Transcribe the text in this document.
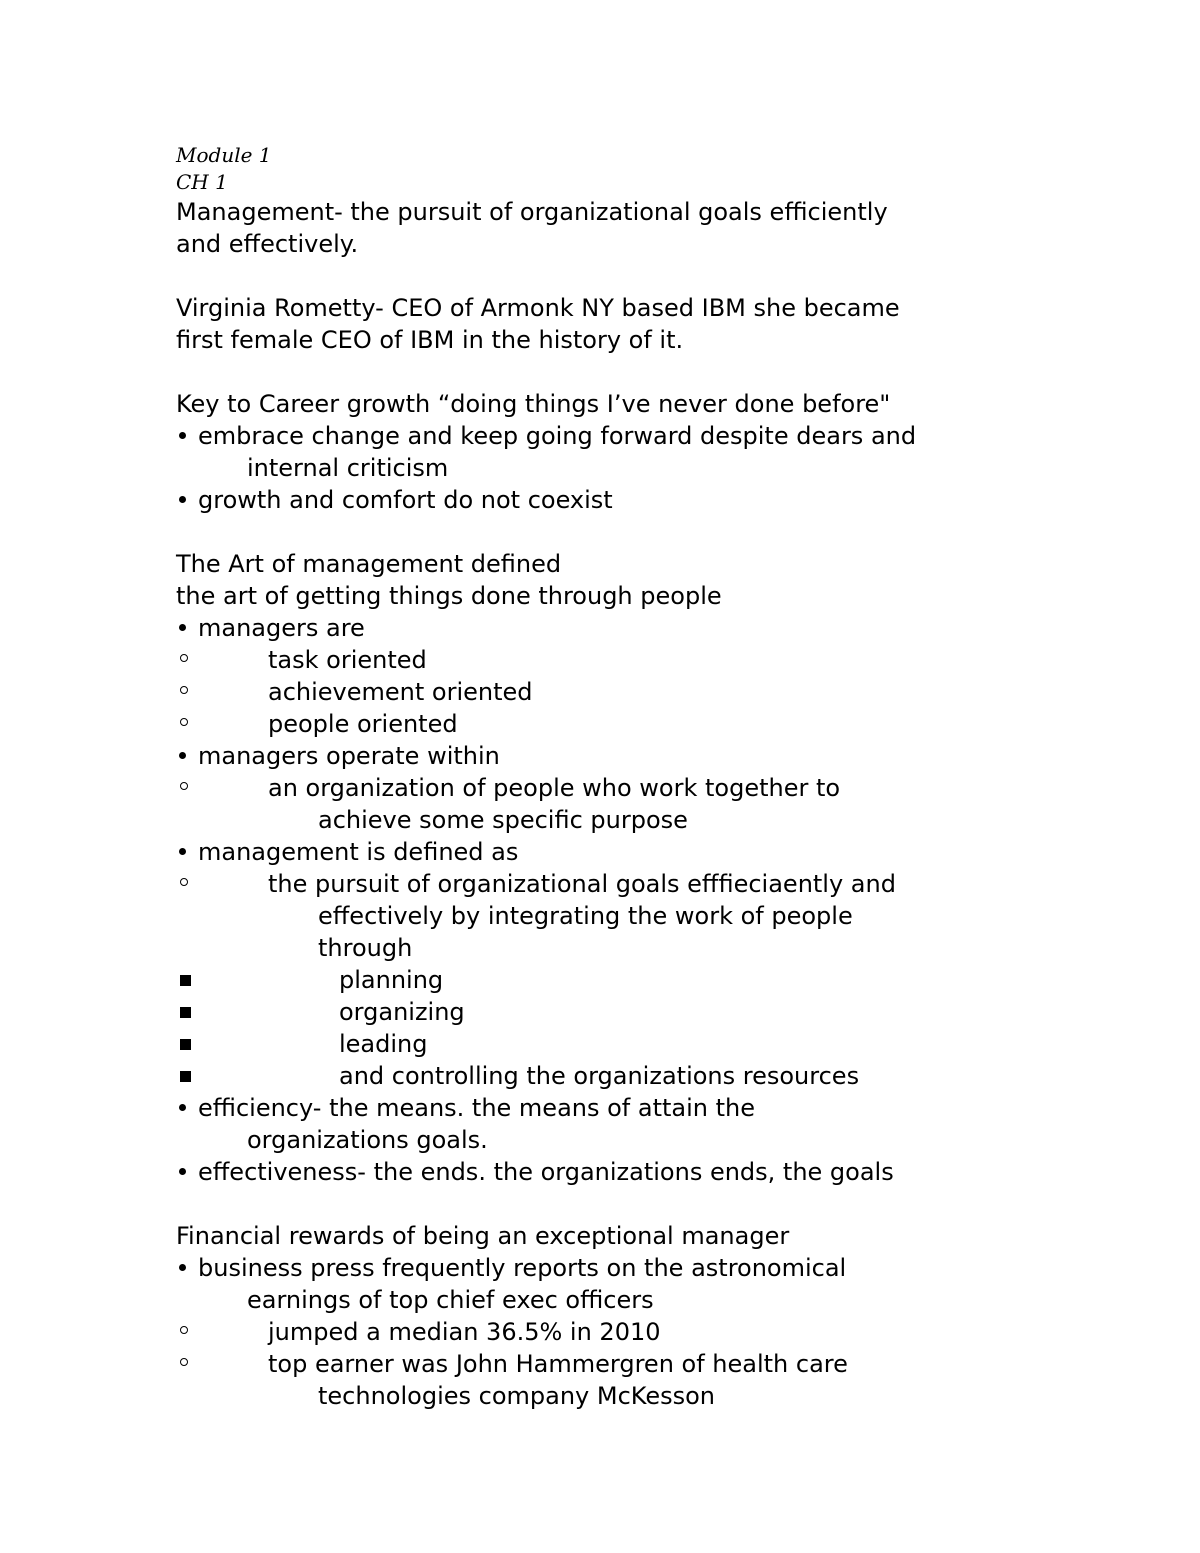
Module 1
CH 1
Management- the pursuit of organizational goals efficiently
and effectively.
Virginia Rometty- CEO of Armonk NY based IBM she became
first female CEO of IBM in the history of it.
Key to Career growth “doing things I’ve never done before"
embrace change and keep going forward despite dears and
internal criticism
growth and comfort do not coexist
The Art of management defined
the art of getting things done through people
managers are
task oriented
achievement oriented
people oriented
managers operate within
an organization of people who work together to
achieve some specific purpose
management is defined as
the pursuit of organizational goals efffieciaently and
effectively by integrating the work of people
through
planning
organizing
leading
and controlling the organizations resources
efficiency- the means. the means of attain the
organizations goals.
effectiveness- the ends. the organizations ends, the goals
Financial rewards of being an exceptional manager
business press frequently reports on the astronomical
earnings of top chief exec officers
jumped a median 36.5% in 2010
top earner was John Hammergren of health care
technologies company McKesson
